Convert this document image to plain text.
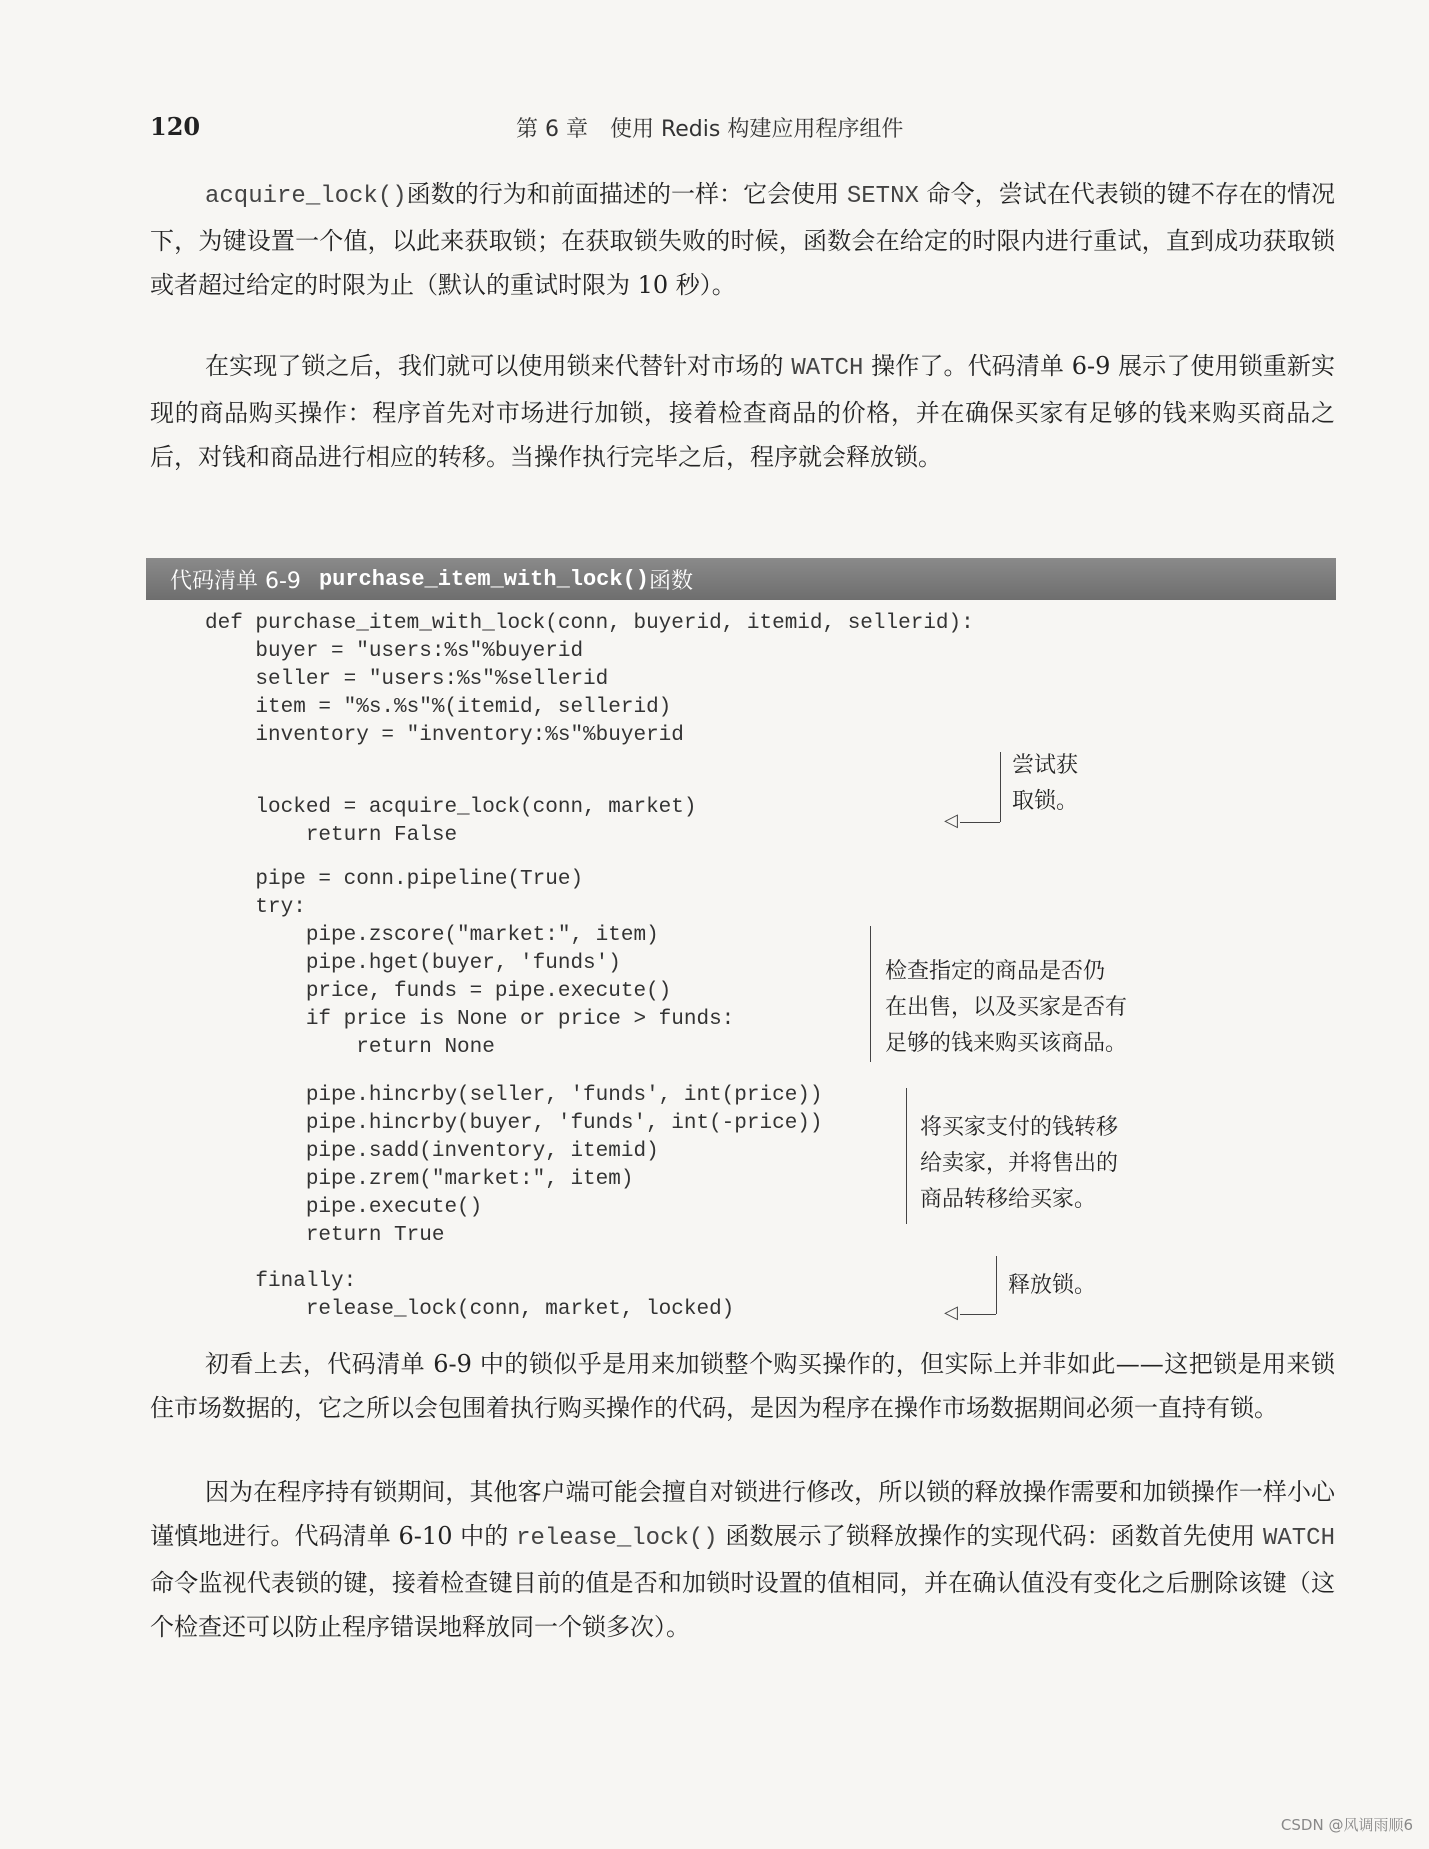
120	第 6 章　使用 Redis 构建应用程序组件
acquire_lock()函数的行为和前面描述的一样：它会使用 SETNX 命令，尝试在代表锁的键不存在的情况下，为键设置一个值，以此来获取锁；在获取锁失败的时候，函数会在给定的时限内进行重试，直到成功获取锁或者超过给定的时限为止（默认的重试时限为 10 秒）。
在实现了锁之后，我们就可以使用锁来代替针对市场的 WATCH 操作了。代码清单 6-9 展示了使用锁重新实现的商品购买操作：程序首先对市场进行加锁，接着检查商品的价格，并在确保买家有足够的钱来购买商品之后，对钱和商品进行相应的转移。当操作执行完毕之后，程序就会释放锁。
代码清单 6-9 purchase_item_with_lock() 函数
def purchase_item_with_lock(conn, buyerid, itemid, sellerid):
buyer = "users:%s"%buyerid
seller = "users:%s"%sellerid
item = "%s.%s"%(itemid, sellerid)
inventory = "inventory:%s"%buyerid
locked = acquire_lock(conn, market)
return False
pipe = conn.pipeline(True)
try:
pipe.zscore("market:", item)
pipe.hget(buyer, 'funds')
price, funds = pipe.execute()
if price is None or price > funds:
return None
pipe.hincrby(seller, 'funds', int(price))
pipe.hincrby(buyer, 'funds', int(-price))
pipe.sadd(inventory, itemid)
pipe.zrem("market:", item)
pipe.execute()
return True
finally:
release_lock(conn, market, locked)
◁
尝试获
取锁。
检查指定的商品是否仍
在出售，以及买家是否有
足够的钱来购买该商品。
将买家支付的钱转移
给卖家，并将售出的
商品转移给买家。
◁
释放锁。
初看上去，代码清单 6-9 中的锁似乎是用来加锁整个购买操作的，但实际上并非如此——这把锁是用来锁住市场数据的，它之所以会包围着执行购买操作的代码，是因为程序在操作市场数据期间必须一直持有锁。
因为在程序持有锁期间，其他客户端可能会擅自对锁进行修改，所以锁的释放操作需要和加锁操作一样小心谨慎地进行。代码清单 6-10 中的 release_lock() 函数展示了锁释放操作的实现代码：函数首先使用 WATCH 命令监视代表锁的键，接着检查键目前的值是否和加锁时设置的值相同，并在确认值没有变化之后删除该键（这个检查还可以防止程序错误地释放同一个锁多次）。
CSDN @风调雨顺6
